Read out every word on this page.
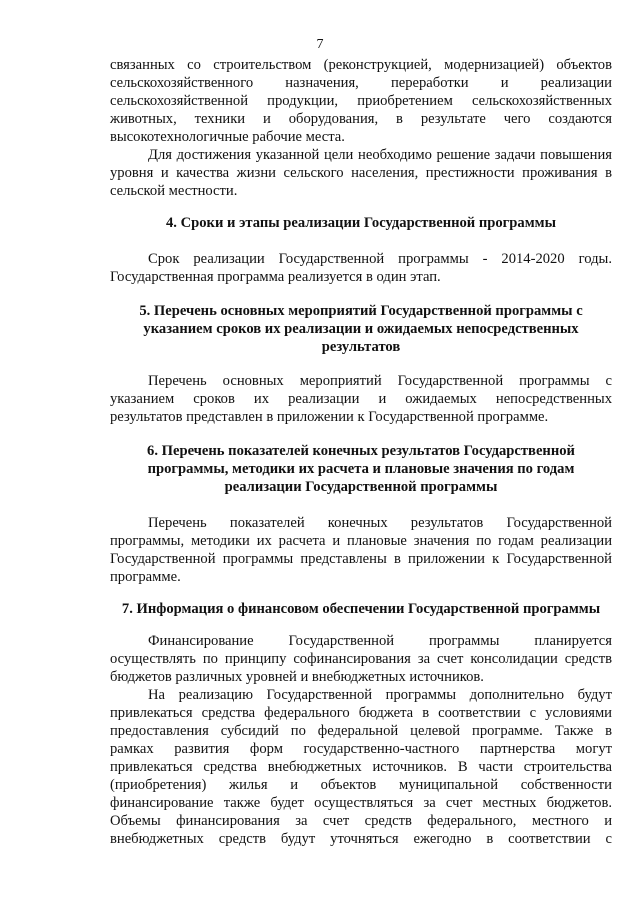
7
связанных со строительством (реконструкцией, модернизацией) объектов
сельскохозяйственного назначения, переработки и реализации
сельскохозяйственной продукции, приобретением сельскохозяйственных
животных, техники и оборудования, в результате чего создаются
высокотехнологичные рабочие места.
Для достижения указанной цели необходимо решение задачи повышения
уровня и качества жизни сельского населения, престижности проживания в
сельской местности.
4. Сроки и этапы реализации Государственной программы
Срок реализации Государственной программы - 2014-2020 годы.
Государственная программа реализуется в один этап.
5. Перечень основных мероприятий Государственной программы с
указанием сроков их реализации и ожидаемых непосредственных
результатов
Перечень основных мероприятий Государственной программы с
указанием сроков их реализации и ожидаемых непосредственных
результатов представлен в приложении к Государственной программе.
6. Перечень показателей конечных результатов Государственной
программы, методики их расчета и плановые значения по годам
реализации Государственной программы
Перечень показателей конечных результатов Государственной
программы, методики их расчета и плановые значения по годам реализации
Государственной программы представлены в приложении к Государственной
программе.
7. Информация о финансовом обеспечении Государственной программы
Финансирование Государственной программы планируется
осуществлять по принципу софинансирования за счет консолидации средств
бюджетов различных уровней и внебюджетных источников.
На реализацию Государственной программы дополнительно будут
привлекаться средства федерального бюджета в соответствии с условиями
предоставления субсидий по федеральной целевой программе. Также в
рамках развития форм государственно-частного партнерства могут
привлекаться средства внебюджетных источников. В части строительства
(приобретения) жилья и объектов муниципальной собственности
финансирование также будет осуществляться за счет местных бюджетов.
Объемы финансирования за счет средств федерального, местного и
внебюджетных средств будут уточняться ежегодно в соответствии с
